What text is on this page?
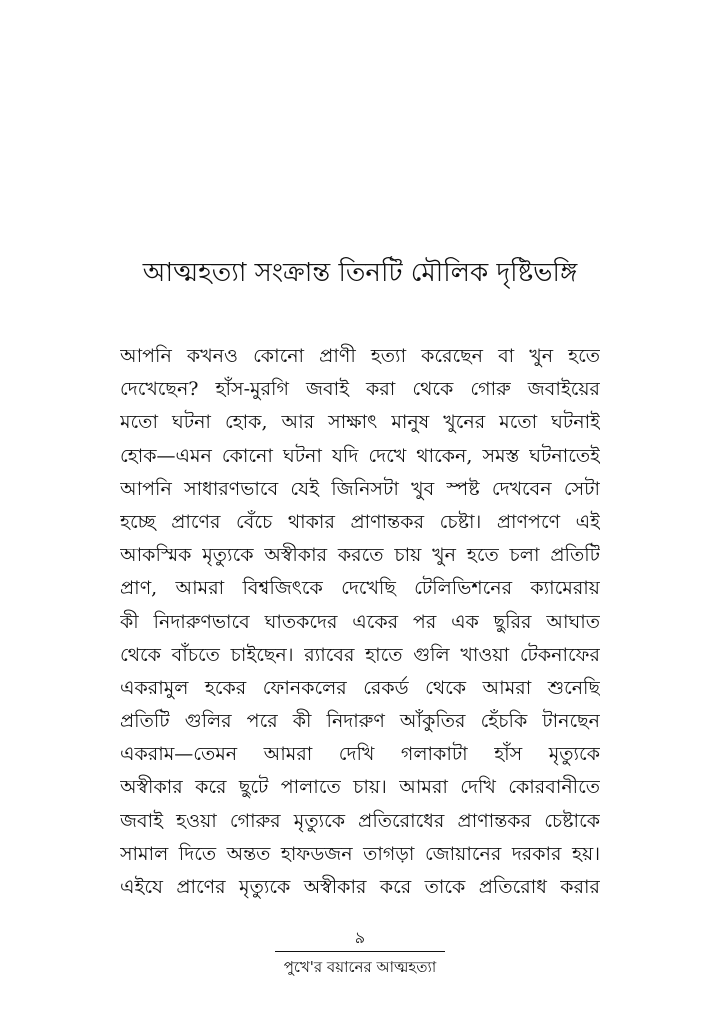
আত্মহত্যা সংক্রান্ত তিনটি মৌলিক দৃষ্টিভঙ্গি
আপনি কখনও কোনো প্রাণী হত্যা করেছেন বা খুন হতে
দেখেছেন? হাঁস-মুরগি জবাই করা থেকে গোরু জবাইয়ের
মতো ঘটনা হোক, আর সাক্ষাৎ মানুষ খুনের মতো ঘটনাই
হোক—এমন কোনো ঘটনা যদি দেখে থাকেন, সমস্ত ঘটনাতেই
আপনি সাধারণভাবে যেই জিনিসটা খুব স্পষ্ট দেখবেন সেটা
হচ্ছে প্রাণের বেঁচে থাকার প্রাণান্তকর চেষ্টা। প্রাণপণে এই
আকস্মিক মৃত্যুকে অস্বীকার করতে চায় খুন হতে চলা প্রতিটি
প্রাণ, আমরা বিশ্বজিৎকে দেখেছি টেলিভিশনের ক্যামেরায়
কী নিদারুণভাবে ঘাতকদের একের পর এক ছুরির আঘাত
থেকে বাঁচতে চাইছেন। র‍্যাবের হাতে গুলি খাওয়া টেকনাফের
একরামুল হকের ফোনকলের রেকর্ড থেকে আমরা শুনেছি
প্রতিটি গুলির পরে কী নিদারুণ আঁকুতির হেঁচকি টানছেন
একরাম—তেমন আমরা দেখি গলাকাটা হাঁস মৃত্যুকে
অস্বীকার করে ছুটে পালাতে চায়। আমরা দেখি কোরবানীতে
জবাই হওয়া গোরুর মৃত্যুকে প্রতিরোধের প্রাণান্তকর চেষ্টাকে
সামাল দিতে অন্তত হাফডজন তাগড়া জোয়ানের দরকার হয়।
এইযে প্রাণের মৃত্যুকে অস্বীকার করে তাকে প্রতিরোধ করার
৯
পুখে'র বয়ানের আত্মহত্যা
